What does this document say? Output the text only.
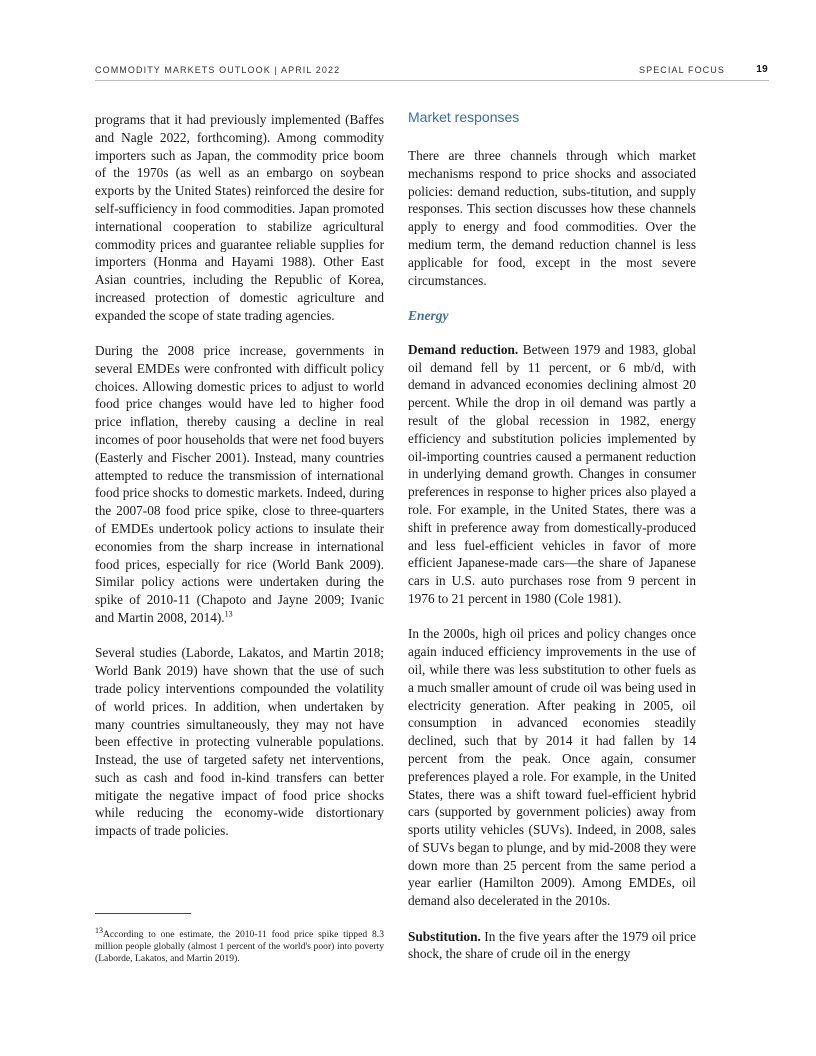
COMMODITY MARKETS OUTLOOK | APRIL 2022	SPECIAL FOCUS	19

programs that it had previously implemented (Baffes and Nagle 2022, forthcoming). Among commodity importers such as Japan, the commodity price boom of the 1970s (as well as an embargo on soybean exports by the United States) reinforced the desire for self-sufficiency in food commodities. Japan promoted international cooperation to stabilize agricultural commodity prices and guarantee reliable supplies for importers (Honma and Hayami 1988). Other East Asian countries, including the Republic of Korea, increased protection of domestic agriculture and expanded the scope of state trading agencies.

During the 2008 price increase, governments in several EMDEs were confronted with difficult policy choices. Allowing domestic prices to adjust to world food price changes would have led to higher food price inflation, thereby causing a decline in real incomes of poor households that were net food buyers (Easterly and Fischer 2001). Instead, many countries attempted to reduce the transmission of international food price shocks to domestic markets. Indeed, during the 2007-08 food price spike, close to three-quarters of EMDEs undertook policy actions to insulate their economies from the sharp increase in international food prices, especially for rice (World Bank 2009). Similar policy actions were undertaken during the spike of 2010-11 (Chapoto and Jayne 2009; Ivanic and Martin 2008, 2014).$^{13}$

Several studies (Laborde, Lakatos, and Martin 2018; World Bank 2019) have shown that the use of such trade policy interventions compounded the volatility of world prices. In addition, when undertaken by many countries simultaneously, they may not have been effective in protecting vulnerable populations. Instead, the use of targeted safety net interventions, such as cash and food in-kind transfers can better mitigate the negative impact of food price shocks while reducing the economy-wide distortionary impacts of trade policies.

$^{13}$According to one estimate, the 2010-11 food price spike tipped 8.3 million people globally (almost 1 percent of the world's poor) into poverty (Laborde, Lakatos, and Martin 2019).
Market responses

There are three channels through which market mechanisms respond to price shocks and associated policies: demand reduction, subs-titution, and supply responses. This section discusses how these channels apply to energy and food commodities. Over the medium term, the demand reduction channel is less applicable for food, except in the most severe circumstances.

Energy

Demand reduction. Between 1979 and 1983, global oil demand fell by 11 percent, or 6 mb/d, with demand in advanced economies declining almost 20 percent. While the drop in oil demand was partly a result of the global recession in 1982, energy efficiency and substitution policies implemented by oil-importing countries caused a permanent reduction in underlying demand growth. Changes in consumer preferences in response to higher prices also played a role. For example, in the United States, there was a shift in preference away from domestically-produced and less fuel-efficient vehicles in favor of more efficient Japanese-made cars—the share of Japanese cars in U.S. auto purchases rose from 9 percent in 1976 to 21 percent in 1980 (Cole 1981).

In the 2000s, high oil prices and policy changes once again induced efficiency improvements in the use of oil, while there was less substitution to other fuels as a much smaller amount of crude oil was being used in electricity generation. After peaking in 2005, oil consumption in advanced economies steadily declined, such that by 2014 it had fallen by 14 percent from the peak. Once again, consumer preferences played a role. For example, in the United States, there was a shift toward fuel-efficient hybrid cars (supported by government policies) away from sports utility vehicles (SUVs). Indeed, in 2008, sales of SUVs began to plunge, and by mid-2008 they were down more than 25 percent from the same period a year earlier (Hamilton 2009). Among EMDEs, oil demand also decelerated in the 2010s.

Substitution. In the five years after the 1979 oil price shock, the share of crude oil in the energy
